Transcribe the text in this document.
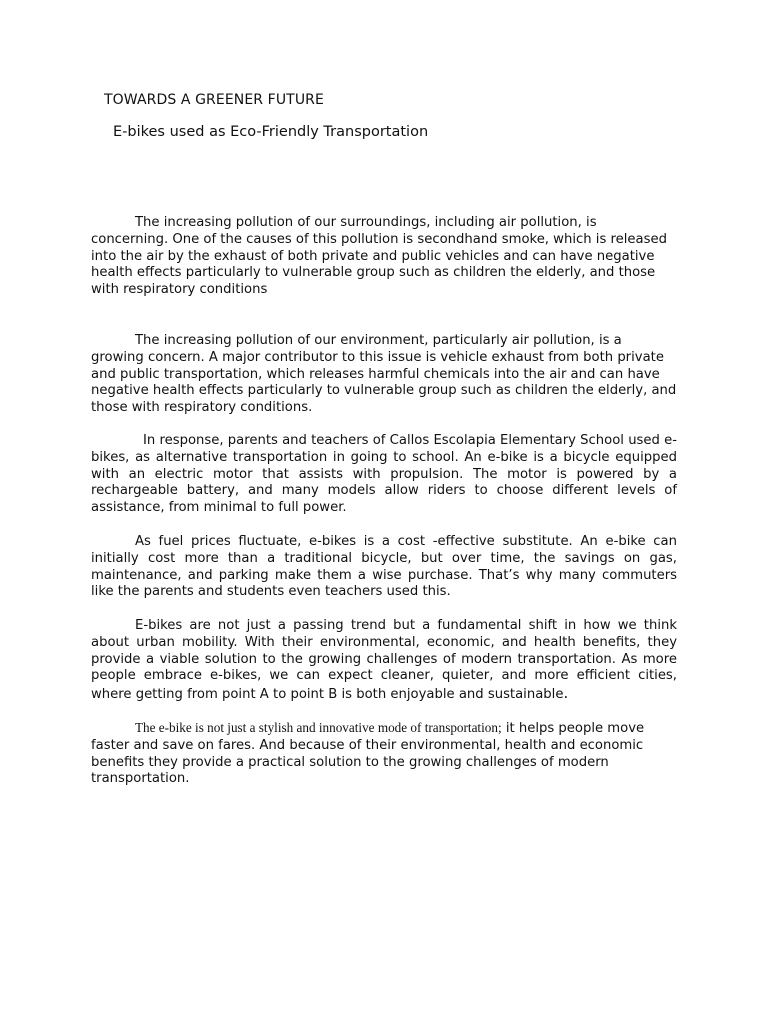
TOWARDS A GREENER FUTURE
E-bikes used as Eco-Friendly Transportation

The increasing pollution of our surroundings, including air pollution, is concerning. One of the causes of this pollution is secondhand smoke, which is released into the air by the exhaust of both private and public vehicles and can have negative health effects particularly to vulnerable group such as children the elderly, and those with respiratory conditions

The increasing pollution of our environment, particularly air pollution, is a growing concern. A major contributor to this issue is vehicle exhaust from both private and public transportation, which releases harmful chemicals into the air and can have negative health effects particularly to vulnerable group such as children the elderly, and those with respiratory conditions.

In response, parents and teachers of Callos Escolapia Elementary School used e-bikes, as alternative transportation in going to school. An e-bike is a bicycle equipped with an electric motor that assists with propulsion. The motor is powered by a rechargeable battery, and many models allow riders to choose different levels of assistance, from minimal to full power.

As fuel prices fluctuate, e-bikes is a cost -effective substitute. An e-bike can initially cost more than a traditional bicycle, but over time, the savings on gas, maintenance, and parking make them a wise purchase. That’s why many commuters like the parents and students even teachers used this.

E-bikes are not just a passing trend but a fundamental shift in how we think about urban mobility. With their environmental, economic, and health benefits, they provide a viable solution to the growing challenges of modern transportation. As more people embrace e-bikes, we can expect cleaner, quieter, and more efficient cities, where getting from point A to point B is both enjoyable and sustainable.

The e-bike is not just a stylish and innovative mode of transportation; it helps people move faster and save on fares. And because of their environmental, health and economic benefits they provide a practical solution to the growing challenges of modern transportation.
